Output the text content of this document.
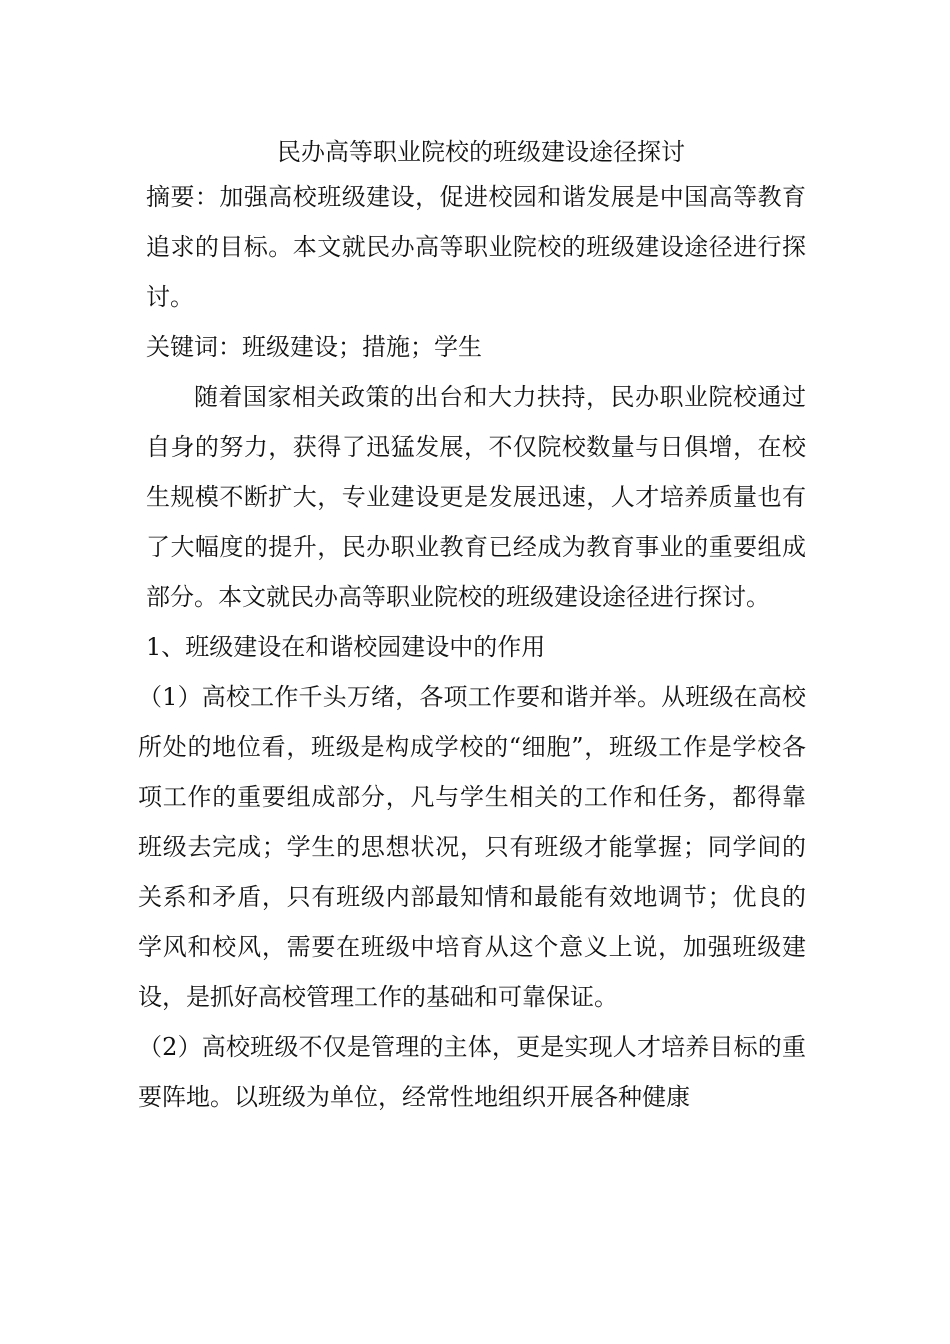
民办高等职业院校的班级建设途径探讨

摘要：加强高校班级建设，促进校园和谐发展是中国高等教育追求的目标。本文就民办高等职业院校的班级建设途径进行探讨。

关键词：班级建设；措施；学生

随着国家相关政策的出台和大力扶持，民办职业院校通过自身的努力，获得了迅猛发展，不仅院校数量与日俱增，在校生规模不断扩大，专业建设更是发展迅速，人才培养质量也有了大幅度的提升，民办职业教育已经成为教育事业的重要组成部分。本文就民办高等职业院校的班级建设途径进行探讨。

1、班级建设在和谐校园建设中的作用

（1）高校工作千头万绪，各项工作要和谐并举。从班级在高校所处的地位看，班级是构成学校的“细胞”，班级工作是学校各项工作的重要组成部分，凡与学生相关的工作和任务，都得靠班级去完成；学生的思想状况，只有班级才能掌握；同学间的关系和矛盾，只有班级内部最知情和最能有效地调节；优良的学风和校风，需要在班级中培育从这个意义上说，加强班级建设，是抓好高校管理工作的基础和可靠保证。

（2）高校班级不仅是管理的主体，更是实现人才培养目标的重要阵地。以班级为单位，经常性地组织开展各种健康
